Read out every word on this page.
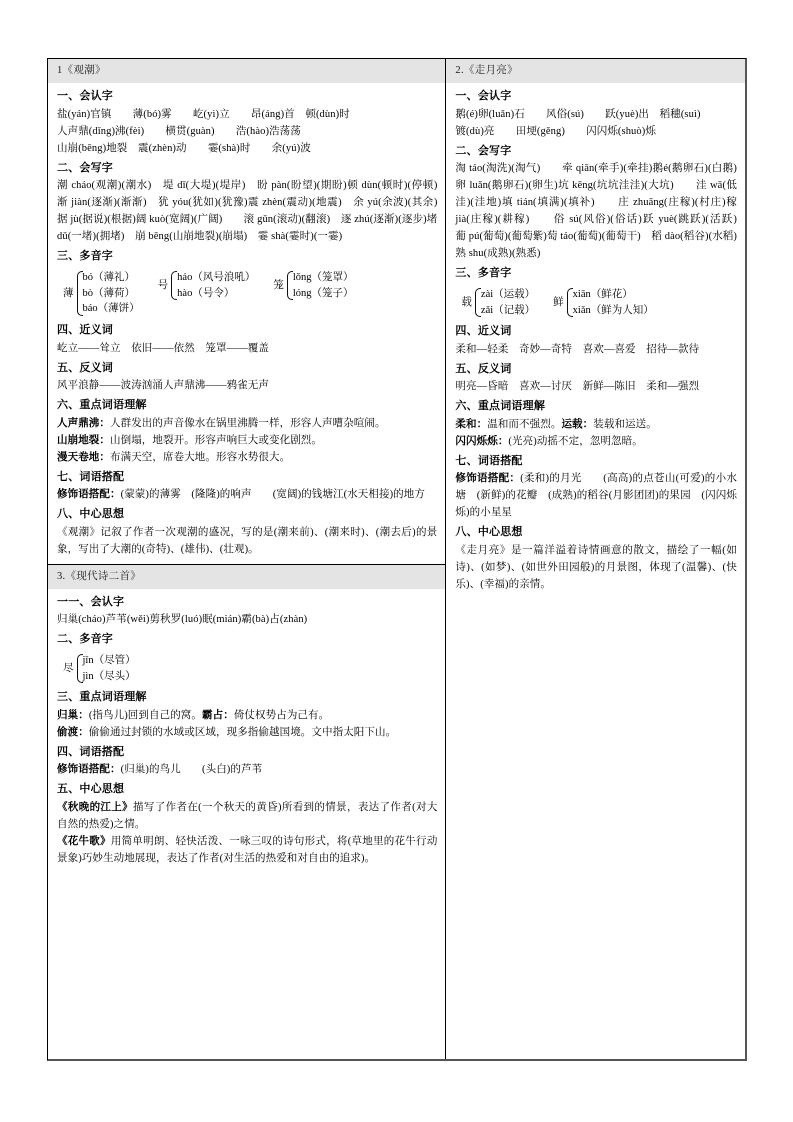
1《观潮》
一、会认字

盐(yán)官镇　　薄(bó)雾　　屹(yì)立　　昂(áng)首　顿(dùn)时

人声鼎(dǐng)沸(fèi)　　横贯(guàn)　　浩(hào)浩荡荡

山崩(bēng)地裂　震(zhèn)动　　霎(shà)时　　余(yú)波

二、会写字

潮 cháo(观潮)(潮水)　堤 dī(大堤)(堤岸)　盼 pàn(盼望)(期盼)顿 dùn(顿时)(停顿)　　渐 jiàn(逐渐)(渐渐)　犹 yóu(犹如)(犹豫)震 zhèn(震动)(地震)　余 yú(余波)(其余)　　据 jù(据说)(根据)阔 kuò(宽阔)(广阔)　　滚 gǔn(滚动)(翻滚)　逐 zhú(逐渐)(逐步)堵 dǔ(一堵)(拥堵)　崩 bēng(山崩地裂)(崩塌)　霎 shà(霎时)(一霎)

三、多音字
薄
bó（薄礼）
bò（薄荷）
báo（薄饼）
号
háo（风号浪吼）
hào（号令）
笼
lǒng（笼罩）
lóng（笼子）
四、近义词

屹立——耸立　依旧——依然　笼罩——覆盖

五、反义词

风平浪静——波涛汹涌人声鼎沸——鸦雀无声

六、重点词语理解

人声鼎沸：人群发出的声音像水在锅里沸腾一样，形容人声嘈杂喧闹。

山崩地裂：山倒塌，地裂开。形容声响巨大或变化剧烈。

漫天卷地：布满天空，席卷大地。形容水势很大。

七、词语搭配

修饰语搭配：(蒙蒙)的薄雾　(隆隆)的响声　　(宽阔)的钱塘江(水天相接)的地方

八、中心思想

《观潮》记叙了作者一次观潮的盛况，写的是(潮来前)、(潮来时)、(潮去后)的景象，写出了大潮的(奇特)、(雄伟)、(壮观)。

3.《现代诗二首》
一一、会认字

归巢(cháo)芦苇(wěi)剪秋罗(luó)眠(mián)霸(bà)占(zhàn)

二、多音字
尽
jǐn（尽管）
jìn（尽头）
三、重点词语理解

归巢：(指鸟儿)回到自己的窝。霸占：倚仗权势占为己有。

偷渡：偷偷通过封锁的水域或区域，现多指偷越国境。文中指太阳下山。

四、词语搭配

修饰语搭配：(归巢)的鸟儿　　(头白)的芦苇

五、中心思想

《秋晚的江上》描写了作者在(一个秋天的黄昏)所看到的情景，表达了作者(对大自然的热爱)之情。

《花牛歌》用简单明朗、轻快活泼、一咏三叹的诗句形式，将(草地里的花牛行动景象)巧妙生动地展现，表达了作者(对生活的热爱和对自由的追求)。

2.《走月亮》
一、会认字

鹅(é)卵(luǎn)石　　风俗(sú)　　跃(yuè)出　稻穗(suì)

镀(dù)亮　　田埂(gěng)　　闪闪烁(shuò)烁

二、会写字

淘 táo(淘洗)(淘气)　　牵 qiān(牵手)(牵挂)鹅é(鹅卵石)(白鹅)　　卵 luǎn(鹅卵石)(卵生)坑 kēng(坑坑洼洼)(大坑)　　洼 wā(低洼)(洼地)填 tián(填满)(填补)　　庄 zhuāng(庄稼)(村庄)稼 jià(庄稼)(耕稼)　　俗 sú(风俗)(俗话)跃 yuè(跳跃)(活跃)　　葡 pú(葡萄)(葡萄紫)萄 táo(葡萄)(葡萄干)　稻 dào(稻谷)(水稻)熟 shu(成熟)(熟悉)

三、多音字
载
zài（运载）
zǎi（记载）
鲜
xiān（鲜花）
xiǎn（鲜为人知）
四、近义词

柔和—轻柔　奇妙—奇特　喜欢—喜爱　招待—款待

五、反义词

明亮—昏暗　喜欢—讨厌　新鲜—陈旧　柔和—强烈

六、重点词语理解

柔和：温和而不强烈。运载：装载和运送。

闪闪烁烁：(光亮)动摇不定，忽明忽暗。

七、词语搭配

修饰语搭配：(柔和)的月光　　(高高)的点苍山(可爱)的小水塘　(新鲜)的花瓣　(成熟)的稻谷(月影团团)的果园　(闪闪烁烁)的小星星

八、中心思想

《走月亮》是一篇洋溢着诗情画意的散文，描绘了一幅(如诗)、(如梦)、(如世外田园般)的月景图，体现了(温馨)、(快乐)、(幸福)的亲情。
